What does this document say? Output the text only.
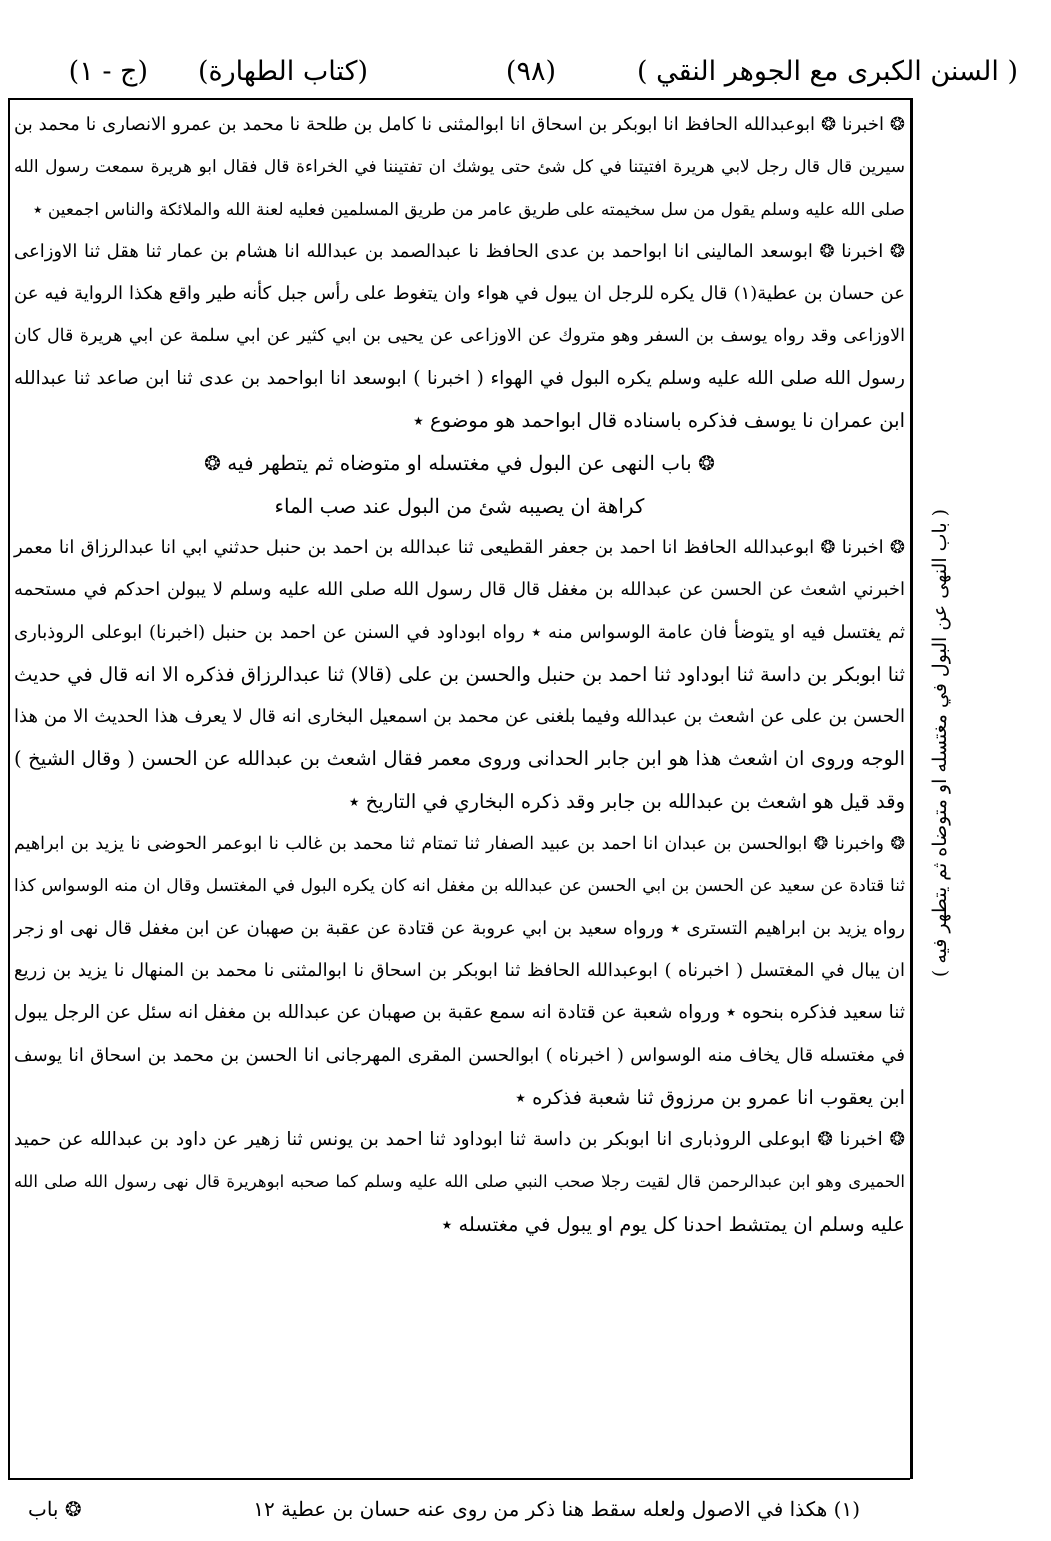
( السنن الكبرى مع الجوهر النقي )
(٩٨)
(كتاب الطهارة)
(ج - ١)
❂ اخبرنا ❂ ابوعبدالله الحافظ انا ابوبكر بن اسحاق انا ابوالمثنى نا كامل بن طلحة نا محمد بن عمرو الانصارى نا محمد بن
سيرين قال قال رجل لابي هريرة افتيتنا في كل شئ حتى يوشك ان تفتيننا في الخراءة قال فقال ابو هريرة سمعت رسول الله
صلى الله عليه وسلم يقول من سل سخيمته على طريق عامر من طريق المسلمين فعليه لعنة الله والملائكة والناس اجمعين ٭
❂ اخبرنا ❂ ابوسعد المالينى انا ابواحمد بن عدى الحافظ نا عبدالصمد بن عبدالله انا هشام بن عمار ثنا هقل ثنا الاوزاعى
عن حسان بن عطية(١) قال يكره للرجل ان يبول في هواء وان يتغوط على رأس جبل كأنه طير واقع هكذا الرواية فيه عن
الاوزاعى وقد رواه يوسف بن السفر وهو متروك عن الاوزاعى عن يحيى بن ابي كثير عن ابي سلمة عن ابي هريرة قال كان
رسول الله صلى الله عليه وسلم يكره البول في الهواء ( اخبرنا ) ابوسعد انا ابواحمد بن عدى ثنا ابن صاعد ثنا عبدالله
ابن عمران نا يوسف فذكره باسناده قال ابواحمد هو موضوع ٭
❂ باب النهى عن البول في مغتسله او متوضاه ثم يتطهر فيه ❂
كراهة ان يصيبه شئ من البول عند صب الماء
❂ اخبرنا ❂ ابوعبدالله الحافظ انا احمد بن جعفر القطيعى ثنا عبدالله بن احمد بن حنبل حدثني ابي انا عبدالرزاق انا معمر
اخبرني اشعث عن الحسن عن عبدالله بن مغفل قال قال رسول الله صلى الله عليه وسلم لا يبولن احدكم في مستحمه
ثم يغتسل فيه او يتوضأ فان عامة الوسواس منه ٭ رواه ابوداود في السنن عن احمد بن حنبل (اخبرنا) ابوعلى الروذبارى
ثنا ابوبكر بن داسة ثنا ابوداود ثنا احمد بن حنبل والحسن بن على (قالا) ثنا عبدالرزاق فذكره الا انه قال في حديث
الحسن بن على عن اشعث بن عبدالله وفيما بلغنى عن محمد بن اسمعيل البخارى انه قال لا يعرف هذا الحديث الا من هذا
الوجه وروى ان اشعث هذا هو ابن جابر الحدانى وروى معمر فقال اشعث بن عبدالله عن الحسن ( وقال الشيخ )
وقد قيل هو اشعث بن عبدالله بن جابر وقد ذكره البخاري في التاريخ ٭
❂ واخبرنا ❂ ابوالحسن بن عبدان انا احمد بن عبيد الصفار ثنا تمتام ثنا محمد بن غالب نا ابوعمر الحوضى نا يزيد بن ابراهيم
ثنا قتادة عن سعيد عن الحسن بن ابي الحسن عن عبدالله بن مغفل انه كان يكره البول في المغتسل وقال ان منه الوسواس كذا
رواه يزيد بن ابراهيم التسترى ٭ ورواه سعيد بن ابي عروبة عن قتادة عن عقبة بن صهبان عن ابن مغفل قال نهى او زجر
ان يبال في المغتسل ( اخبرناه ) ابوعبدالله الحافظ ثنا ابوبكر بن اسحاق نا ابوالمثنى نا محمد بن المنهال نا يزيد بن زريع
ثنا سعيد فذكره بنحوه ٭ ورواه شعبة عن قتادة انه سمع عقبة بن صهبان عن عبدالله بن مغفل انه سئل عن الرجل يبول
في مغتسله قال يخاف منه الوسواس ( اخبرناه ) ابوالحسن المقرى المهرجانى انا الحسن بن محمد بن اسحاق انا يوسف
ابن يعقوب انا عمرو بن مرزوق ثنا شعبة فذكره ٭
❂ اخبرنا ❂ ابوعلى الروذبارى انا ابوبكر بن داسة ثنا ابوداود ثنا احمد بن يونس ثنا زهير عن داود بن عبدالله عن حميد
الحميرى وهو ابن عبدالرحمن قال لقيت رجلا صحب النبي صلى الله عليه وسلم كما صحبه ابوهريرة قال نهى رسول الله صلى الله
عليه وسلم ان يمتشط احدنا كل يوم او يبول في مغتسله ٭
( باب النهى عن البول في مغتسله او متوضاه ثم يتطهر فيه )
(١) هكذا في الاصول ولعله سقط هنا ذكر من روى عنه حسان بن عطية ١٢
❂ باب
